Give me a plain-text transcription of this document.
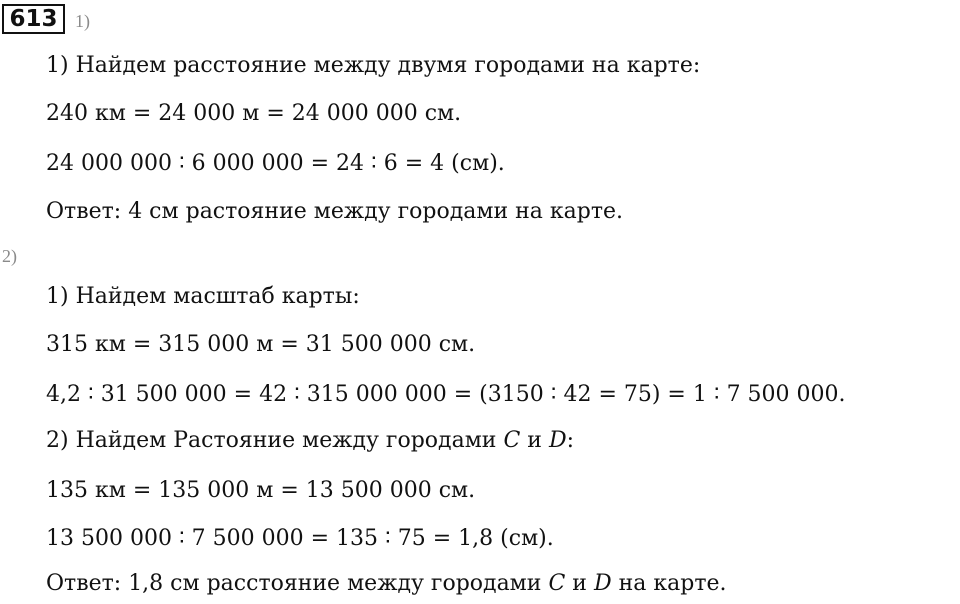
613 1)
1) Найдем расстояние между двумя городами на карте:
240 км = 24 000 м = 24 000 000 см.
24 000 000 ∶ 6 000 000 = 24 ∶ 6 = 4 (см).
Ответ: 4 см растояние между городами на карте.
2)
1) Найдем масштаб карты:
315 км = 315 000 м = 31 500 000 см.
4,2 ∶ 31 500 000 = 42 ∶ 315 000 000 = (3150 ∶ 42 = 75) = 1 ∶ 7 500 000.
2) Найдем Растояние между городами C и D:
135 км = 135 000 м = 13 500 000 см.
13 500 000 ∶ 7 500 000 = 135 ∶ 75 = 1,8 (см).
Ответ: 1,8 см расстояние между городами C и D на карте.
